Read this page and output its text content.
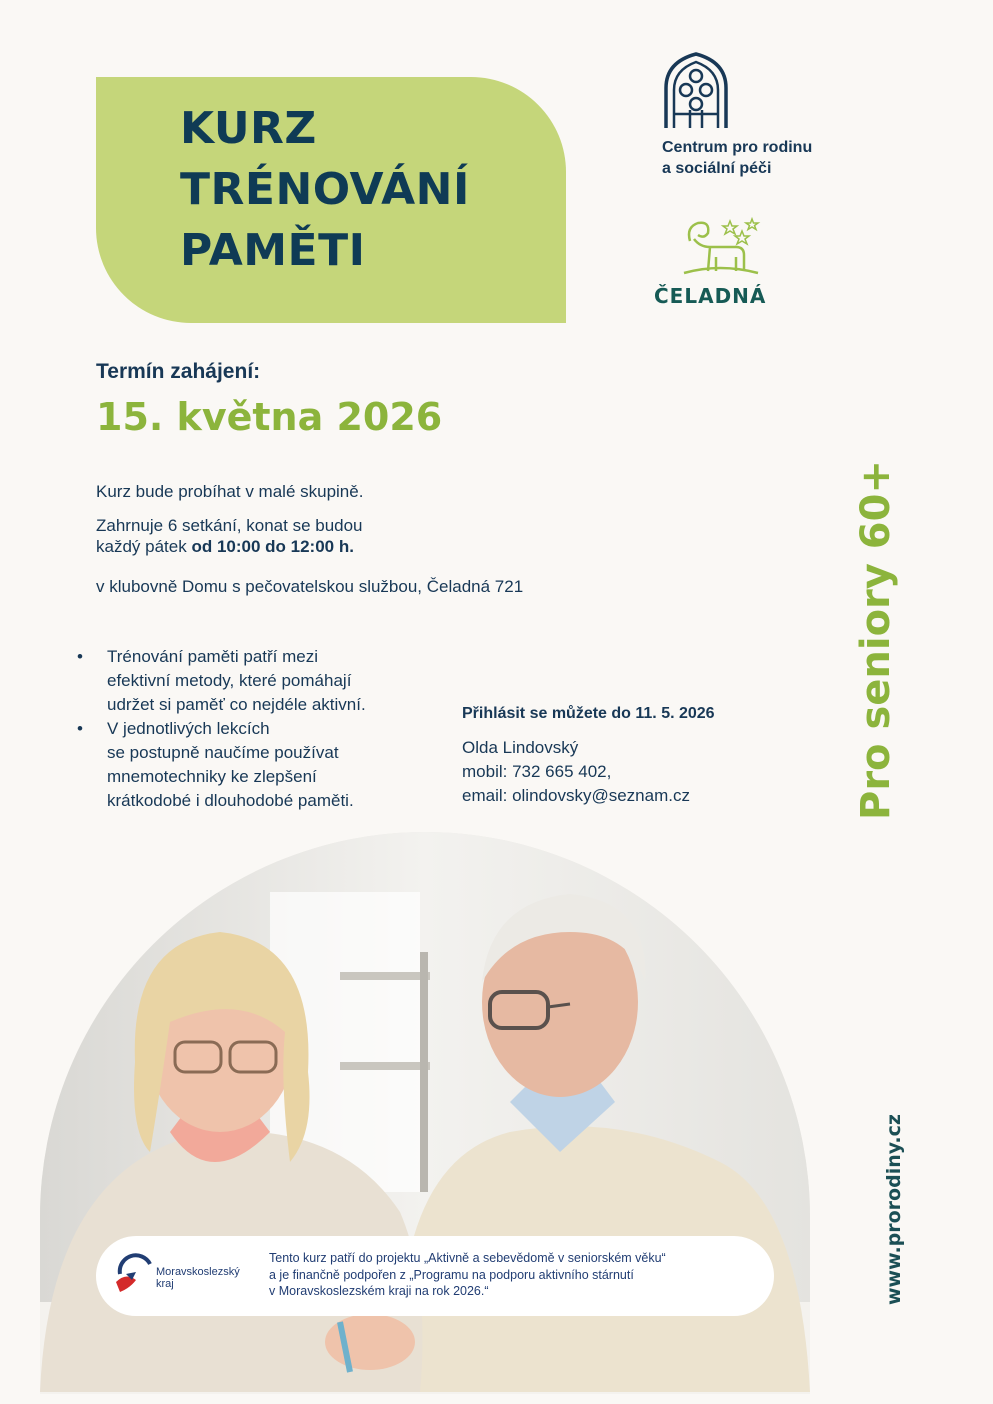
KURZ
TRÉNOVÁNÍ
PAMĚTI
Centrum pro rodinu
a sociální péči
ČELADNÁ
Termín zahájení:
15. května 2026
Kurz bude probíhat v malé skupině.
Zahrnuje 6 setkání, konat se budou
každý pátek od 10:00 do 12:00 h.
v klubovně Domu s pečovatelskou službou, Čeladná 721
• Trénování paměti patří mezi
efektivní metody, které pomáhají
udržet si paměť co nejdéle aktivní.
• V jednotlivých lekcích
se postupně naučíme používat
mnemotechniky ke zlepšení
krátkodobé i dlouhodobé paměti.
Přihlásit se můžete do 11. 5. 2026
Olda Lindovský
mobil: 732 665 402,
email: olindovsky@seznam.cz	Pro seniory 60+
www.prorodiny.cz
Moravskoslezský
kraj
Tento kurz patří do projektu „Aktivně a sebevědomě v seniorském věku“
a je finančně podpořen z „Programu na podporu aktivního stárnutí
v Moravskoslezském kraji na rok 2026.“
